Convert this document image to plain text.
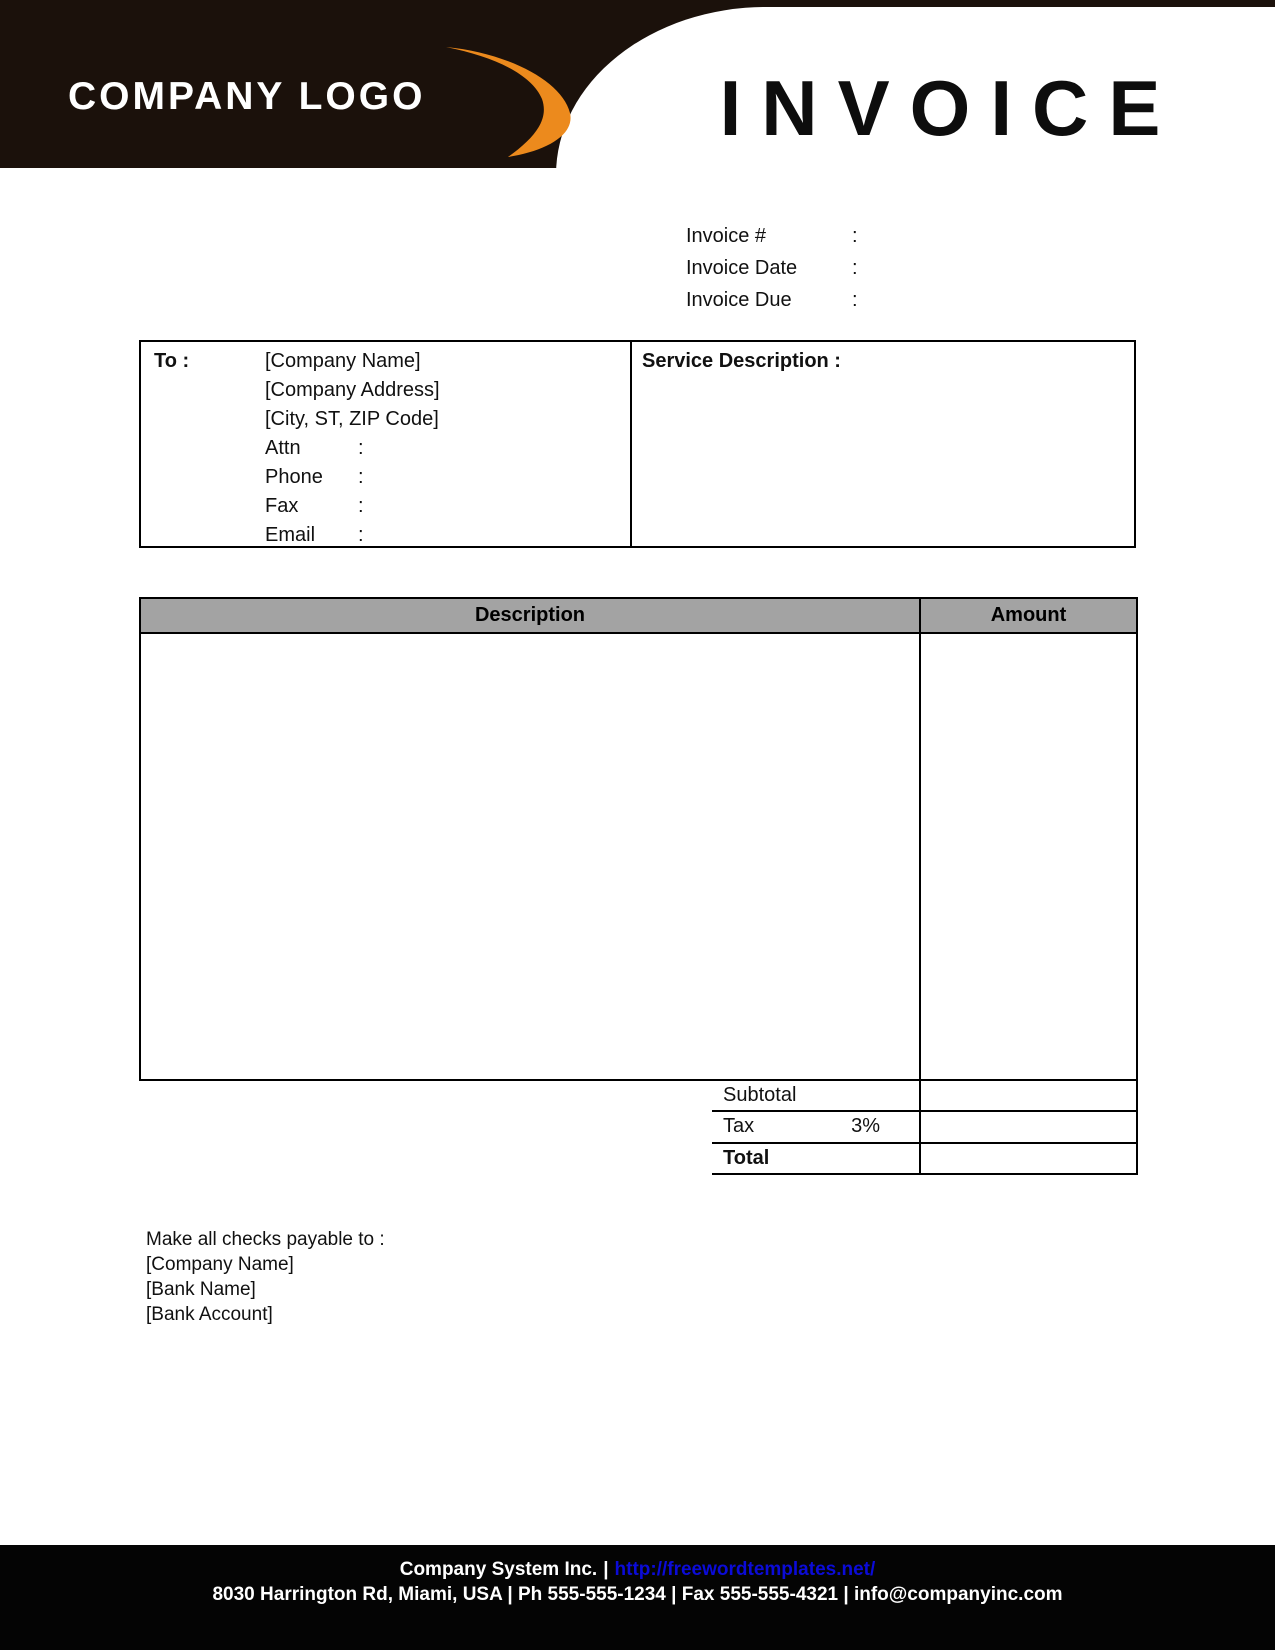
COMPANY LOGO	INVOICE
Invoice #	:
Invoice Date	:
Invoice Due	:
To :	[Company Name]
[Company Address]
[City, ST, ZIP Code]
Attn	:
Phone	:
Fax	:
Email	:
Service Description :
Description	Amount
Subtotal
Tax	3%
Total
Make all checks payable to :
[Company Name]
[Bank Name]
[Bank Account]
Company System Inc. | http://freewordtemplates.net/
8030 Harrington Rd, Miami, USA | Ph 555-555-1234 | Fax 555-555-4321 | info@companyinc.com
